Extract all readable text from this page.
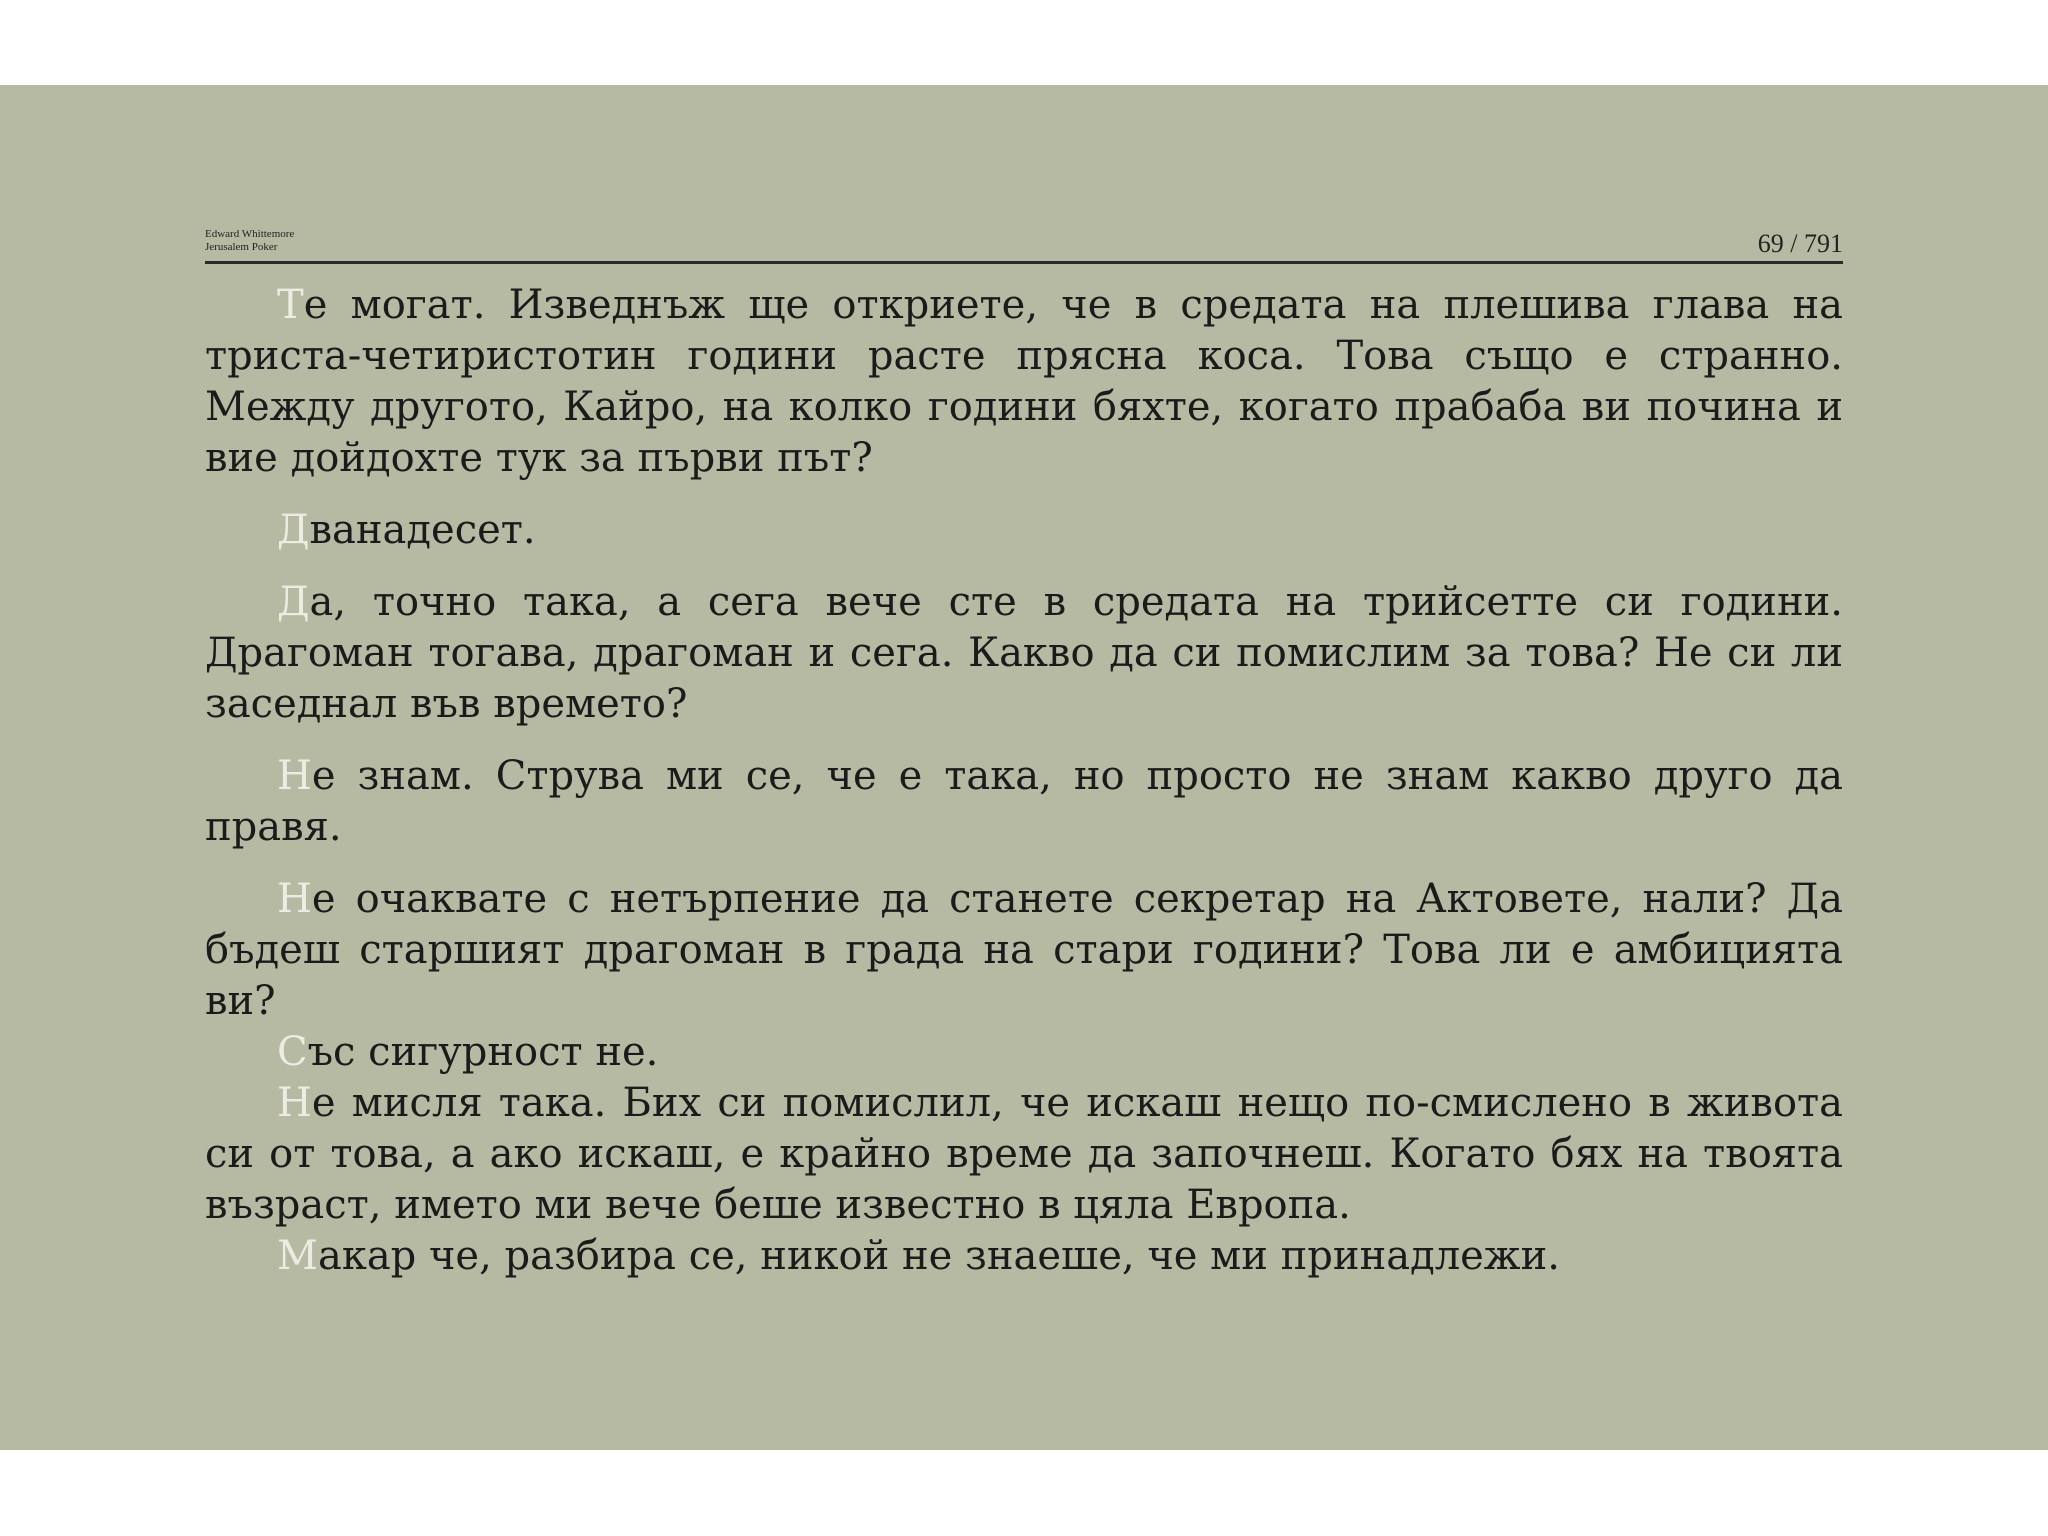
Edward Whittemore
Jerusalem Poker	69 / 791

Те могат. Изведнъж ще откриете, че в средата на плешива глава на триста-четиристотин години расте прясна коса. Това също е странно. Между другото, Кайро, на колко години бяхте, когато прабаба ви почина и вие дойдохте тук за първи път?

Дванадесет.

Да, точно така, а сега вече сте в средата на трийсетте си години. Драгоман тогава, драгоман и сега. Какво да си помислим за това? Не си ли заседнал във времето?

Не знам. Струва ми се, че е така, но просто не знам какво друго да правя.

Не очаквате с нетърпение да станете секретар на Актовете, нали? Да бъдеш старшият драгоман в града на стари години? Това ли е амбицията ви?

Със сигурност не.

Не мисля така. Бих си помислил, че искаш нещо по-смислено в живота си от това, а ако искаш, е крайно време да започнеш. Когато бях на твоята възраст, името ми вече беше известно в цяла Европа.

Макар че, разбира се, никой не знаеше, че ми принадлежи.
